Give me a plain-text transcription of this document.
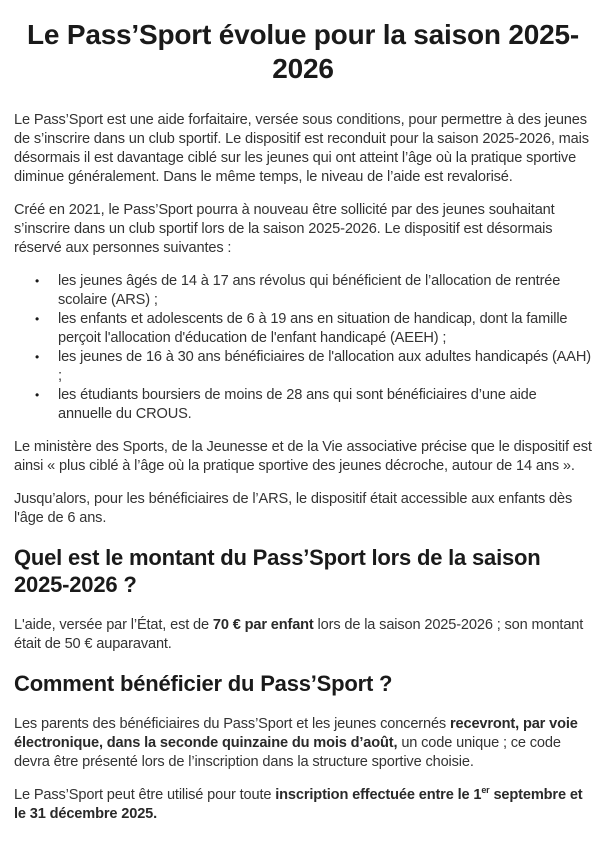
Le Pass’Sport évolue pour la saison 2025-2026

Le Pass’Sport est une aide forfaitaire, versée sous conditions, pour permettre à des jeunes de s’inscrire dans un club sportif. Le dispositif est reconduit pour la saison 2025-2026, mais désormais il est davantage ciblé sur les jeunes qui ont atteint l’âge où la pratique sportive diminue généralement. Dans le même temps, le niveau de l’aide est revalorisé.

Créé en 2021, le Pass’Sport pourra à nouveau être sollicité par des jeunes souhaitant s’inscrire dans un club sportif lors de la saison 2025-2026. Le dispositif est désormais réservé aux personnes suivantes :

• les jeunes âgés de 14 à 17 ans révolus qui bénéficient de l’allocation de rentrée scolaire (ARS) ;
• les enfants et adolescents de 6 à 19 ans en situation de handicap, dont la famille perçoit l'allocation d'éducation de l'enfant handicapé (AEEH) ;
• les jeunes de 16 à 30 ans bénéficiaires de l'allocation aux adultes handicapés (AAH) ;
• les étudiants boursiers de moins de 28 ans qui sont bénéficiaires d’une aide annuelle du CROUS.

Le ministère des Sports, de la Jeunesse et de la Vie associative précise que le dispositif est ainsi « plus ciblé à l’âge où la pratique sportive des jeunes décroche, autour de 14 ans ».

Jusqu’alors, pour les bénéficiaires de l’ARS, le dispositif était accessible aux enfants dès l'âge de 6 ans.

Quel est le montant du Pass’Sport lors de la saison 2025-2026 ?

L'aide, versée par l’État, est de 70 € par enfant lors de la saison 2025-2026 ; son montant était de 50 € auparavant.

Comment bénéficier du Pass’Sport ?

Les parents des bénéficiaires du Pass’Sport et les jeunes concernés recevront, par voie électronique, dans la seconde quinzaine du mois d’août, un code unique ; ce code devra être présenté lors de l’inscription dans la structure sportive choisie.

Le Pass’Sport peut être utilisé pour toute inscription effectuée entre le 1er septembre et le 31 décembre 2025.
